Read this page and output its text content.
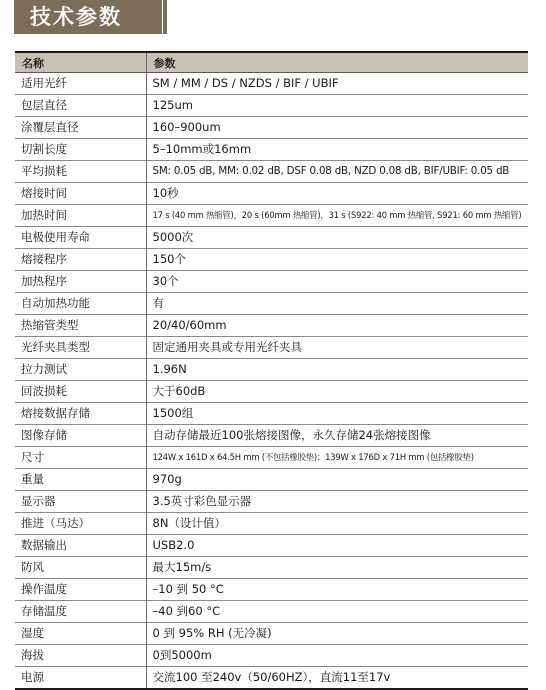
技术参数
名称	参数
适用光纤	SM / MM / DS / NZDS / BIF / UBIF
包层直径	125um
涂覆层直径	160–900um
切割长度	5–10mm或16mm
平均损耗	SM: 0.05 dB, MM: 0.02 dB, DSF 0.08 dB, NZD 0.08 dB, BIF/UBIF: 0.05 dB
熔接时间	10秒
加热时间	17 s (40 mm 热缩管)，20 s (60mm 热缩管)，31 s (S922: 40 mm 热缩管, S921: 60 mm 热缩管)
电极使用寿命	5000次
熔接程序	150个
加热程序	30个
自动加热功能	有
热缩管类型	20/40/60mm
光纤夹具类型	固定通用夹具或专用光纤夹具
拉力测试	1.96N
回波损耗	大于60dB
熔接数据存储	1500组
图像存储	自动存储最近100张熔接图像，永久存储24张熔接图像
尺寸	124W x 161D x 64.5H mm (不包括橡胶垫)；139W x 176D x 71H mm (包括橡胶垫)
重量	970g
显示器	3.5英寸彩色显示器
推进（马达）	8N（设计值）
数据输出	USB2.0
防风	最大15m/s
操作温度	–10 到 50 °C
存储温度	–40 到60 °C
湿度	0 到 95% RH (无冷凝)
海拔	0到5000m
电源	交流100 至240v（50/60HZ），直流11至17v
